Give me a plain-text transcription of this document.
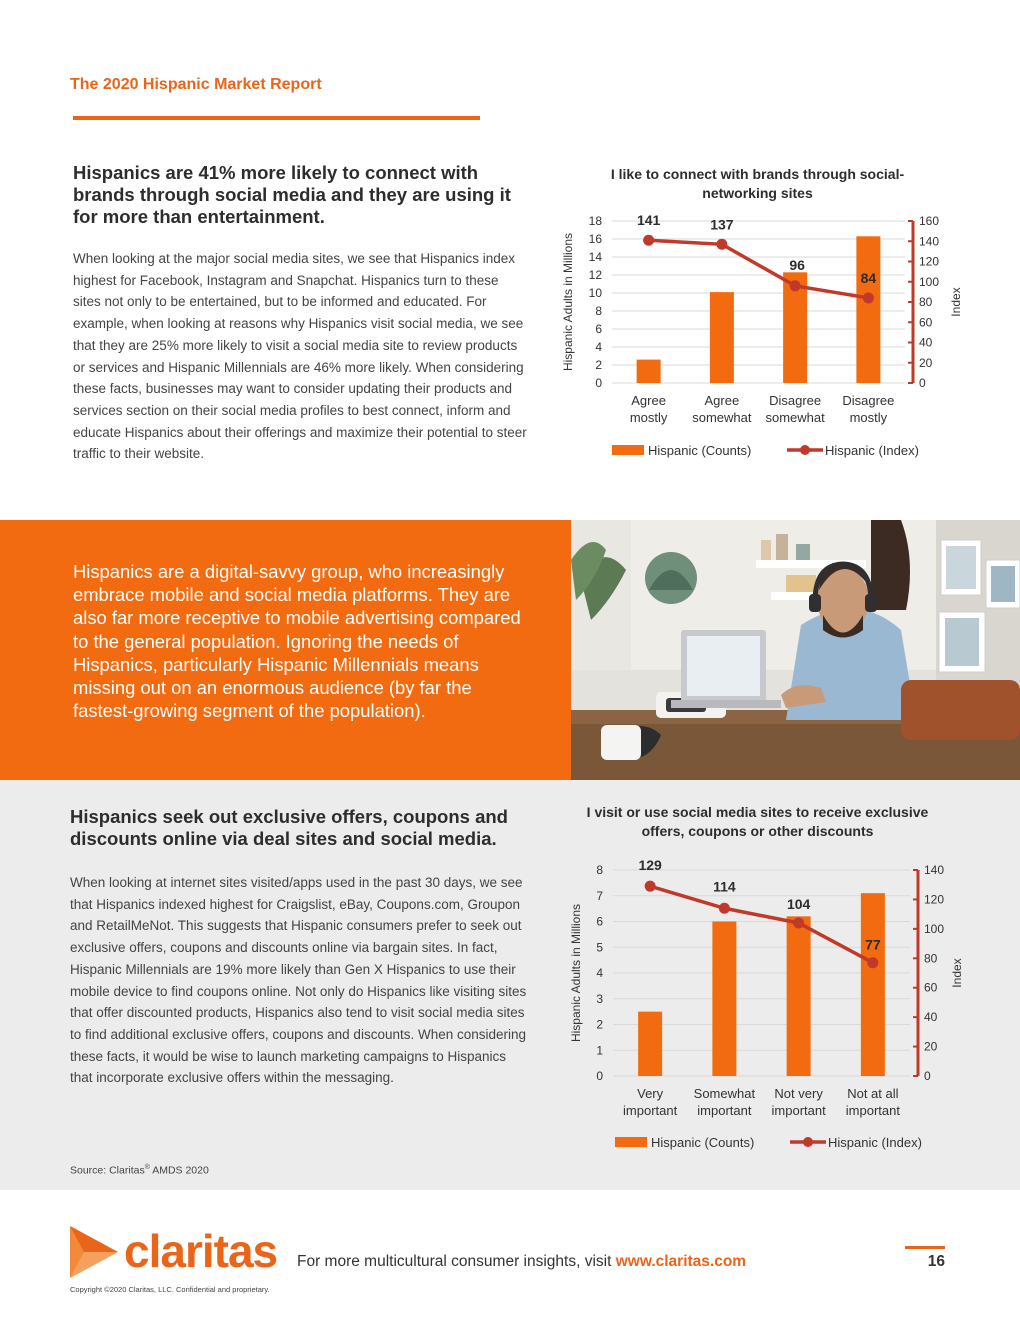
The 2020 Hispanic Market Report
Hispanics are 41% more likely to connect with brands through social media and they are using it for more than entertainment.

When looking at the major social media sites, we see that Hispanics index highest for Facebook, Instagram and Snapchat. Hispanics turn to these sites not only to be entertained, but to be informed and educated. For example, when looking at reasons why Hispanics visit social media, we see that they are 25% more likely to visit a social media site to review products or services and Hispanic Millennials are 46% more likely. When considering these facts, businesses may want to consider updating their products and services section on their social media profiles to best connect, inform and educate Hispanics about their offerings and maximize their potential to steer traffic to their website.

I like to connect with brands through social-networking sites
0
2
4
6
8
10
12
14
16
18
0
20
40
60
80
100
120
140
160
Hispanic Adults in Millions	Index
141	137
96
84
Agree
mostly
Agree
somewhat
Disagree
somewhat
Disagree
mostly
Hispanic (Counts)	Hispanic (Index)

Hispanics are a digital-savvy group, who increasingly embrace mobile and social media platforms. They are also far more receptive to mobile advertising compared to the general population. Ignoring the needs of Hispanics, particularly Hispanic Millennials means missing out on an enormous audience (by far the fastest-growing segment of the population).

Hispanics seek out exclusive offers, coupons and discounts online via deal sites and social media.

When looking at internet sites visited/apps used in the past 30 days, we see that Hispanics indexed highest for Craigslist, eBay, Coupons.com, Groupon and RetailMeNot. This suggests that Hispanic consumers prefer to seek out exclusive offers, coupons and discounts online via bargain sites. In fact, Hispanic Millennials are 19% more likely than Gen X Hispanics to use their mobile device to find coupons online. Not only do Hispanics like visiting sites that offer discounted products, Hispanics also tend to visit social media sites to find additional exclusive offers, coupons and discounts. When considering these facts, it would be wise to launch marketing campaigns to Hispanics that incorporate exclusive offers within the messaging.

I visit or use social media sites to receive exclusive offers, coupons or other discounts
0
1
2
3
4
5
6
7
8
0
20
40
60
80
100
120
140
Hispanic Adults in Millions	Index
129
114
104
77
Very
important
Somewhat
important
Not very
important
Not at all
important
Hispanic (Counts)	Hispanic (Index)
Source: Claritas® AMDS 2020
claritas For more multicultural consumer insights, visit www.claritas.com	16
Copyright ©2020 Claritas, LLC. Confidential and proprietary.
